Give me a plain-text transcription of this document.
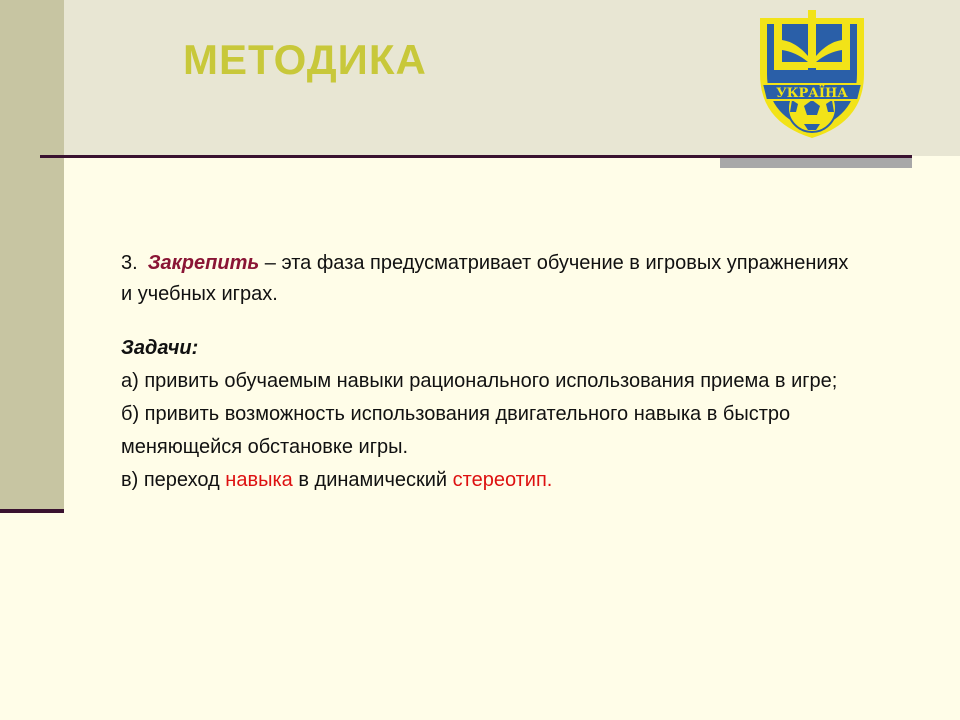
МЕТОДИКА
УКРАЇНА

3. Закрепить – эта фаза предусматривает обучение в игровых упражнениях и учебных играх.

Задачи:

а) привить обучаемым навыки рационального использования приема в игре;

б) привить возможность использования двигательного навыка в быстро меняющейся обстановке игры.

в) переход навыка в динамический стереотип.
